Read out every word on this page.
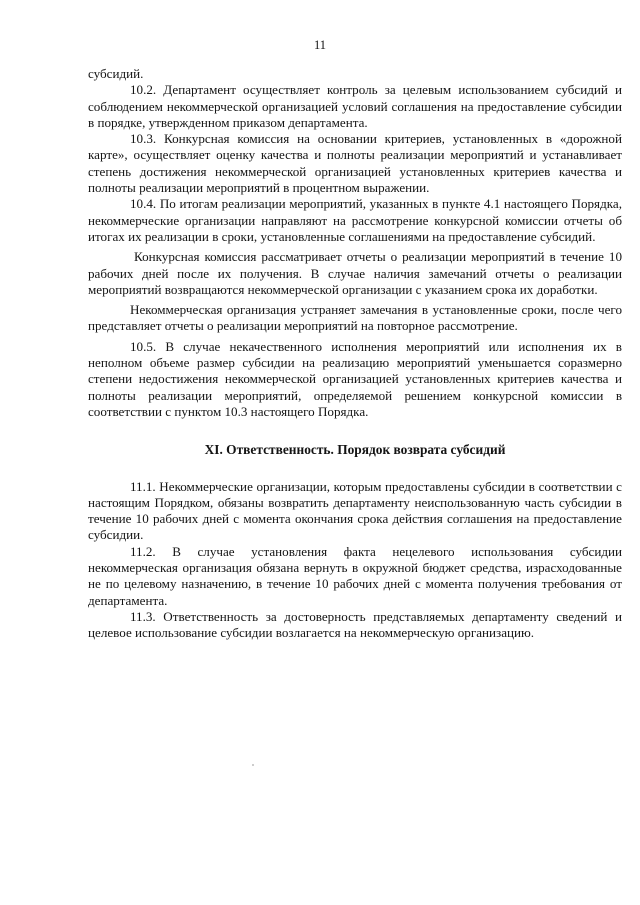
11

субсидий.

10.2. Департамент осуществляет контроль за целевым использованием субсидий и соблюдением некоммерческой организацией условий соглашения на предоставление субсидии в порядке, утвержденном приказом департамента.

10.3. Конкурсная комиссия на основании критериев, установленных в «дорожной карте», осуществляет оценку качества и полноты реализации мероприятий и устанавливает степень достижения некоммерческой организацией установленных критериев качества и полноты реализации мероприятий в процентном выражении.

10.4. По итогам реализации мероприятий, указанных в пункте 4.1 настоящего Порядка, некоммерческие организации направляют на рассмотрение конкурсной комиссии отчеты об итогах их реализации в сроки, установленные соглашениями на предоставление субсидий.

Конкурсная комиссия рассматривает отчеты о реализации мероприятий в течение 10 рабочих дней после их получения. В случае наличия замечаний отчеты о реализации мероприятий возвращаются некоммерческой организации с указанием срока их доработки.

Некоммерческая организация устраняет замечания в установленные сроки, после чего представляет отчеты о реализации мероприятий на повторное рассмотрение.

10.5. В случае некачественного исполнения мероприятий или исполнения их в неполном объеме размер субсидии на реализацию мероприятий уменьшается соразмерно степени недостижения некоммерческой организацией установленных критериев качества и полноты реализации мероприятий, определяемой решением конкурсной комиссии в соответствии с пунктом 10.3 настоящего Порядка.

XI. Ответственность. Порядок возврата субсидий

11.1. Некоммерческие организации, которым предоставлены субсидии в соответствии с настоящим Порядком, обязаны возвратить департаменту неиспользованную часть субсидии в течение 10 рабочих дней с момента окончания срока действия соглашения на предоставление субсидии.

11.2. В случае установления факта нецелевого использования субсидии некоммерческая организация обязана вернуть в окружной бюджет средства, израсходованные не по целевому назначению, в течение 10 рабочих дней с момента получения требования от департамента.

11.3. Ответственность за достоверность представляемых департаменту сведений и целевое использование субсидии возлагается на некоммерческую организацию.
